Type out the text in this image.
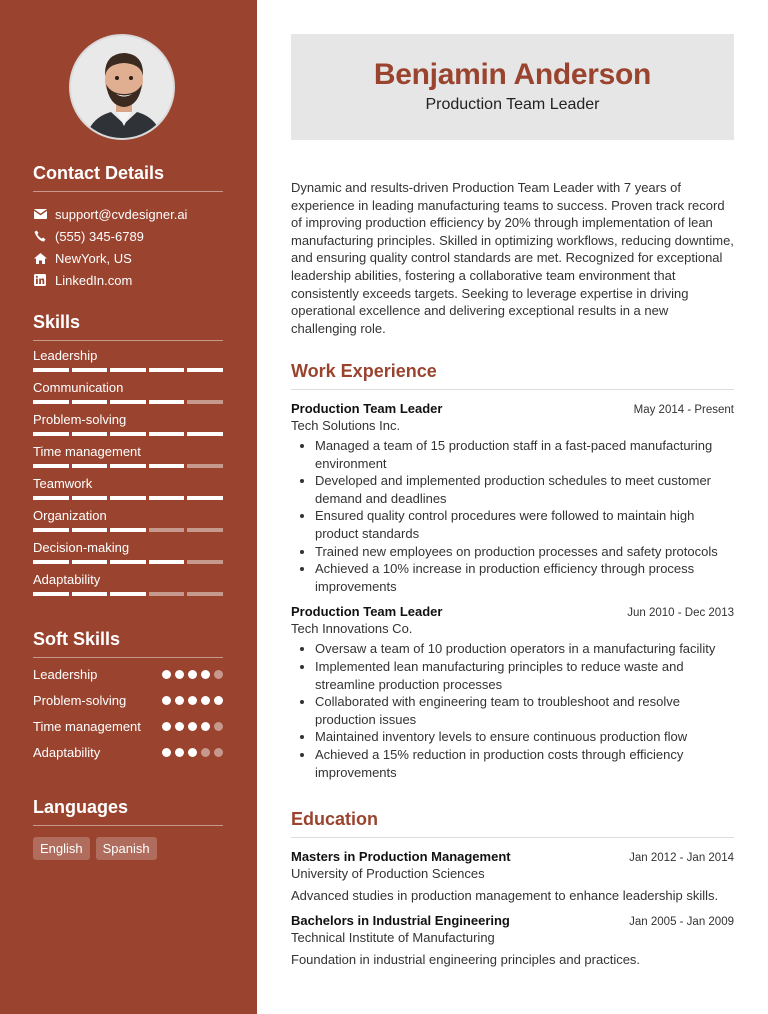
Contact Details
support@cvdesigner.ai
(555) 345-6789
NewYork, US
LinkedIn.com
Skills
Leadership
Communication
Problem-solving
Time management
Teamwork
Organization
Decision-making
Adaptability
Soft Skills
Leadership
Problem-solving
Time management
Adaptability
Languages
English	Spanish
Benjamin Anderson
Production Team Leader

Dynamic and results-driven Production Team Leader with 7 years of experience in leading manufacturing teams to success. Proven track record of improving production efficiency by 20% through implementation of lean manufacturing principles. Skilled in optimizing workflows, reducing downtime, and ensuring quality control standards are met. Recognized for exceptional leadership abilities, fostering a collaborative team environment that consistently exceeds targets. Seeking to leverage expertise in driving operational excellence and delivering exceptional results in a new challenging role.

Work Experience
Production Team Leader	May 2014 - Present
Tech Solutions Inc.
• Managed a team of 15 production staff in a fast-paced manufacturing environment
• Developed and implemented production schedules to meet customer demand and deadlines
• Ensured quality control procedures were followed to maintain high product standards
• Trained new employees on production processes and safety protocols
• Achieved a 10% increase in production efficiency through process improvements
Production Team Leader	Jun 2010 - Dec 2013
Tech Innovations Co.
• Oversaw a team of 10 production operators in a manufacturing facility
• Implemented lean manufacturing principles to reduce waste and streamline production processes
• Collaborated with engineering team to troubleshoot and resolve production issues
• Maintained inventory levels to ensure continuous production flow
• Achieved a 15% reduction in production costs through efficiency improvements
Education
Masters in Production Management	Jan 2012 - Jan 2014
University of Production Sciences
Advanced studies in production management to enhance leadership skills.
Bachelors in Industrial Engineering	Jan 2005 - Jan 2009
Technical Institute of Manufacturing
Foundation in industrial engineering principles and practices.
